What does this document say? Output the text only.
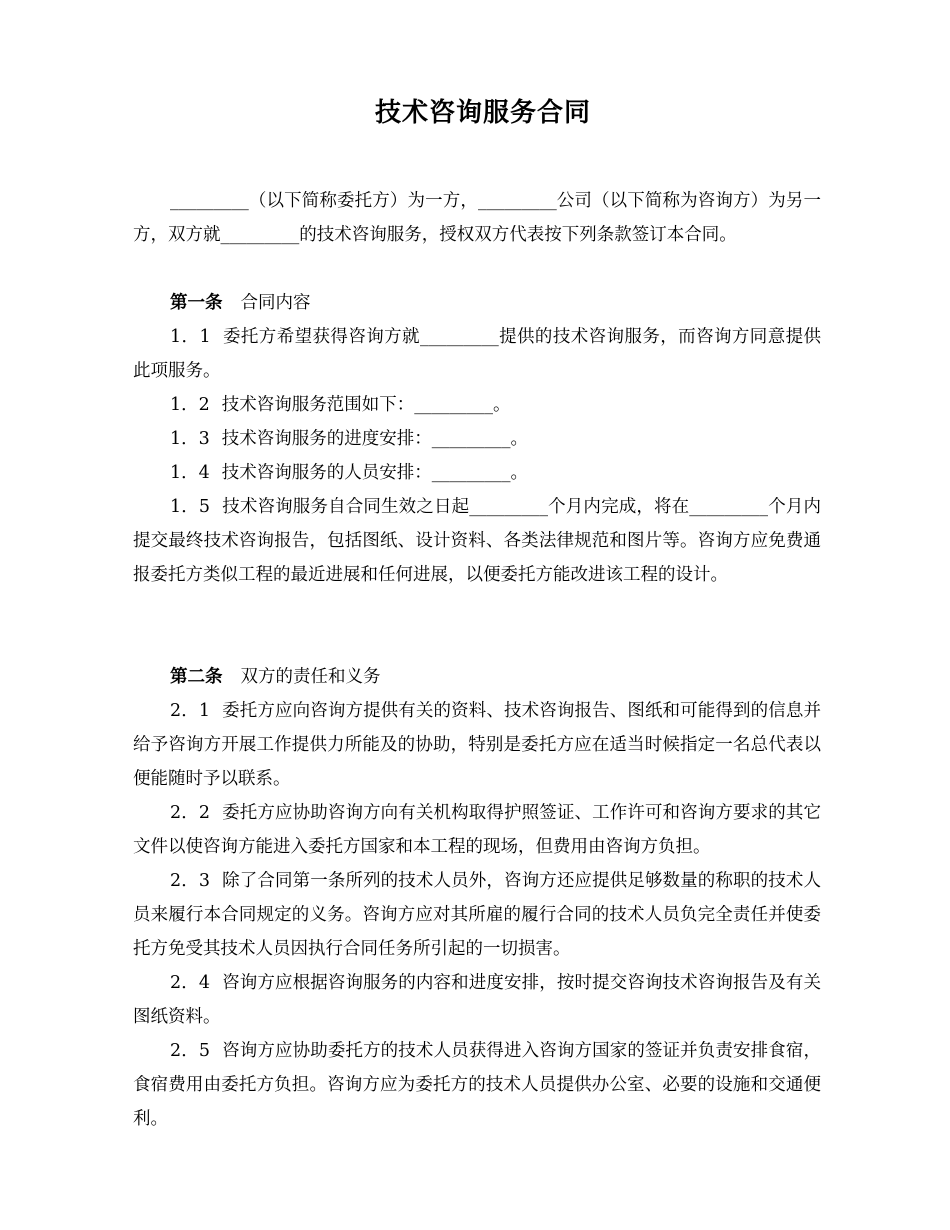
技术咨询服务合同
_________（以下简称委托方）为一方，_________公司（以下简称为咨询方）为另一方，双方就_________的技术咨询服务，授权双方代表按下列条款签订本合同。
第一条 合同内容
1．1 委托方希望获得咨询方就_________提供的技术咨询服务，而咨询方同意提供此项服务。
1．2 技术咨询服务范围如下：_________。
1．3 技术咨询服务的进度安排：_________。
1．4 技术咨询服务的人员安排：_________。
1．5 技术咨询服务自合同生效之日起_________个月内完成，将在_________个月内提交最终技术咨询报告，包括图纸、设计资料、各类法律规范和图片等。咨询方应免费通报委托方类似工程的最近进展和任何进展，以便委托方能改进该工程的设计。
第二条 双方的责任和义务
2．1 委托方应向咨询方提供有关的资料、技术咨询报告、图纸和可能得到的信息并给予咨询方开展工作提供力所能及的协助，特别是委托方应在适当时候指定一名总代表以便能随时予以联系。
2．2 委托方应协助咨询方向有关机构取得护照签证、工作许可和咨询方要求的其它文件以使咨询方能进入委托方国家和本工程的现场，但费用由咨询方负担。
2．3 除了合同第一条所列的技术人员外，咨询方还应提供足够数量的称职的技术人员来履行本合同规定的义务。咨询方应对其所雇的履行合同的技术人员负完全责任并使委托方免受其技术人员因执行合同任务所引起的一切损害。
2．4 咨询方应根据咨询服务的内容和进度安排，按时提交咨询技术咨询报告及有关图纸资料。
2．5 咨询方应协助委托方的技术人员获得进入咨询方国家的签证并负责安排食宿，食宿费用由委托方负担。咨询方应为委托方的技术人员提供办公室、必要的设施和交通便利。
